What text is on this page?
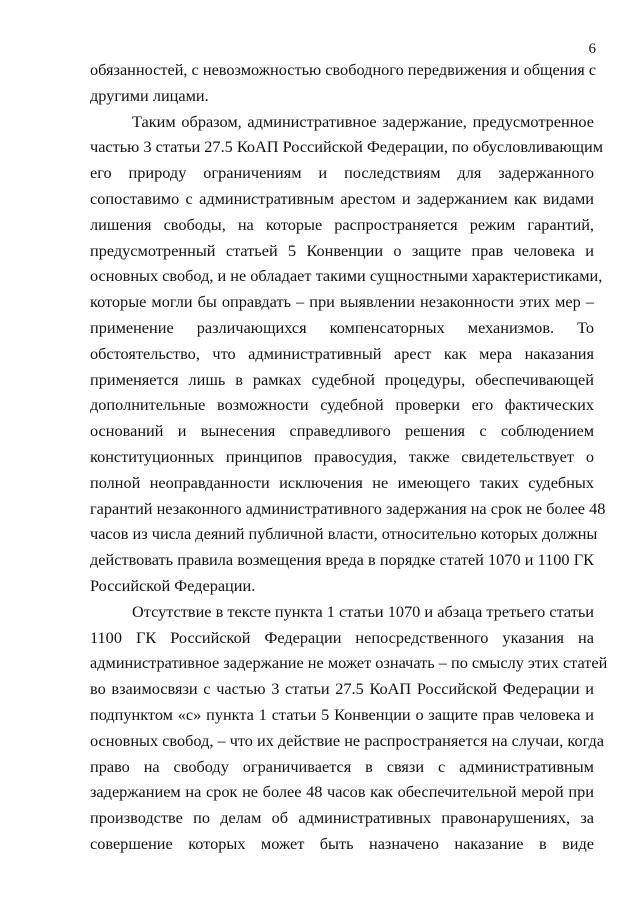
6
обязанностей, с невозможностью свободного передвижения и общения с
другими лицами.
Таким образом, административное задержание, предусмотренное
частью 3 статьи 27.5 КоАП Российской Федерации, по обусловливающим
его природу ограничениям и последствиям для задержанного
сопоставимо с административным арестом и задержанием как видами
лишения свободы, на которые распространяется режим гарантий,
предусмотренный статьей 5 Конвенции о защите прав человека и
основных свобод, и не обладает такими сущностными характеристиками,
которые могли бы оправдать – при выявлении незаконности этих мер –
применение различающихся компенсаторных механизмов. То
обстоятельство, что административный арест как мера наказания
применяется лишь в рамках судебной процедуры, обеспечивающей
дополнительные возможности судебной проверки его фактических
оснований и вынесения справедливого решения с соблюдением
конституционных принципов правосудия, также свидетельствует о
полной неоправданности исключения не имеющего таких судебных
гарантий незаконного административного задержания на срок не более 48
часов из числа деяний публичной власти, относительно которых должны
действовать правила возмещения вреда в порядке статей 1070 и 1100 ГК
Российской Федерации.
Отсутствие в тексте пункта 1 статьи 1070 и абзаца третьего статьи
1100 ГК Российской Федерации непосредственного указания на
административное задержание не может означать – по смыслу этих статей
во взаимосвязи с частью 3 статьи 27.5 КоАП Российской Федерации и
подпунктом «c» пункта 1 статьи 5 Конвенции о защите прав человека и
основных свобод, – что их действие не распространяется на случаи, когда
право на свободу ограничивается в связи с административным
задержанием на срок не более 48 часов как обеспечительной мерой при
производстве по делам об административных правонарушениях, за
совершение которых может быть назначено наказание в виде
